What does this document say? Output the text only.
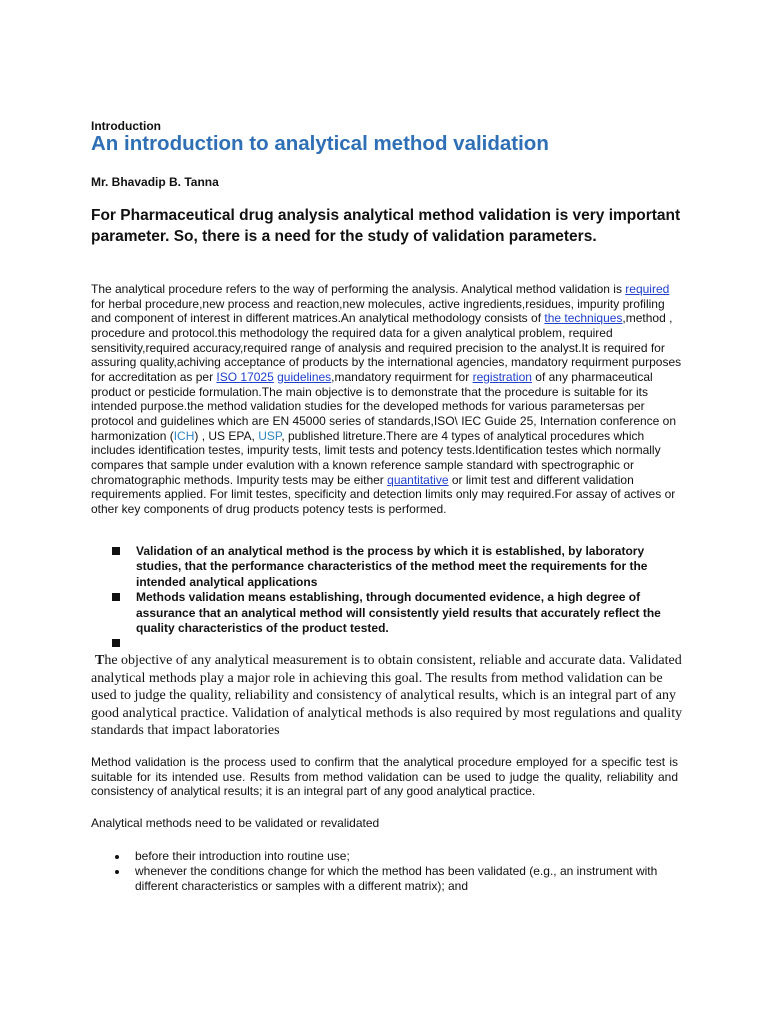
Introduction
An introduction to analytical method validation
Mr. Bhavadip B. Tanna

For Pharmaceutical drug analysis analytical method validation is very important parameter. So, there is a need for the study of validation parameters.

The analytical procedure refers to the way of performing the analysis. Analytical method validation is required for herbal procedure,new process and reaction,new molecules, active ingredients,residues, impurity profiling and component of interest in different matrices.An analytical methodology consists of the techniques,method , procedure and protocol.this methodology the required data for a given analytical problem, required sensitivity,required accuracy,required range of analysis and required precision to the analyst.It is required for assuring quality,achiving acceptance of products by the international agencies, mandatory requirment purposes for accreditation as per ISO 17025 guidelines,mandatory requirment for registration of any pharmaceutical product or pesticide formulation.The main objective is to demonstrate that the procedure is suitable for its intended purpose.the method validation studies for the developed methods for various parametersas per protocol and guidelines which are EN 45000 series of standards,ISO\ IEC Guide 25, Internation conference on harmonization (ICH) , US EPA, USP, published litreture.There are 4 types of analytical procedures which includes identification testes, impurity tests, limit tests and potency tests.Identification testes which normally compares that sample under evalution with a known reference sample standard with spectrographic or chromatographic methods. Impurity tests may be either quantitative or limit test and different validation requirements applied. For limit testes, specificity and detection limits only may required.For assay of actives or other key components of drug products potency tests is performed.

Validation of an analytical method is the process by which it is established, by laboratory studies, that the performance characteristics of the method meet the requirements for the intended analytical applications
Methods validation means establishing, through documented evidence, a high degree of assurance that an analytical method will consistently yield results that accurately reflect the quality characteristics of the product tested.

The objective of any analytical measurement is to obtain consistent, reliable and accurate data. Validated analytical methods play a major role in achieving this goal. The results from method validation can be used to judge the quality, reliability and consistency of analytical results, which is an integral part of any good analytical practice. Validation of analytical methods is also required by most regulations and quality standards that impact laboratories

Method validation is the process used to confirm that the analytical procedure employed for a specific test is suitable for its intended use. Results from method validation can be used to judge the quality, reliability and consistency of analytical results; it is an integral part of any good analytical practice.

Analytical methods need to be validated or revalidated

before their introduction into routine use;
whenever the conditions change for which the method has been validated (e.g., an instrument with different characteristics or samples with a different matrix); and
